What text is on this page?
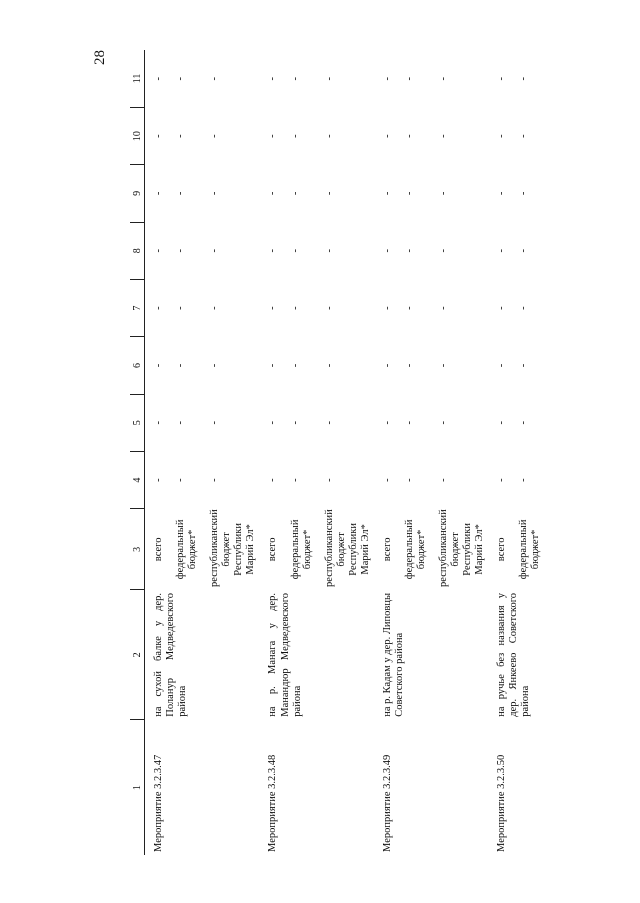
28
1	2	3	4	5	6	7	8	9	10	11
Мероприятие 3.2.3.47	на сухой балке у дер. Поланур Медведевского района	всего	-	-	-	-	-	-	-	-
		федеральный бюджет*	-	-	-	-	-	-	-	-
		республиканский бюджет Республики Марий Эл*	-	-	-	-	-	-	-	-
Мероприятие 3.2.3.48	на р. Манага у дер. Манандюр Медведевского района	всего	-	-	-	-	-	-	-	-
		федеральный бюджет*	-	-	-	-	-	-	-	-
		республиканский бюджет Республики Марий Эл*	-	-	-	-	-	-	-	-
Мероприятие 3.2.3.49	на р. Кадам у дер. Липовцы Советского района	всего	-	-	-	-	-	-	-	-
		федеральный бюджет*	-	-	-	-	-	-	-	-
		республиканский бюджет Республики Марий Эл*	-	-	-	-	-	-	-	-
Мероприятие 3.2.3.50	на ручье без названия у дер. Янкеево Советского района	всего	-	-	-	-	-	-	-	-
		федеральный бюджет*	-	-	-	-	-	-	-	-
